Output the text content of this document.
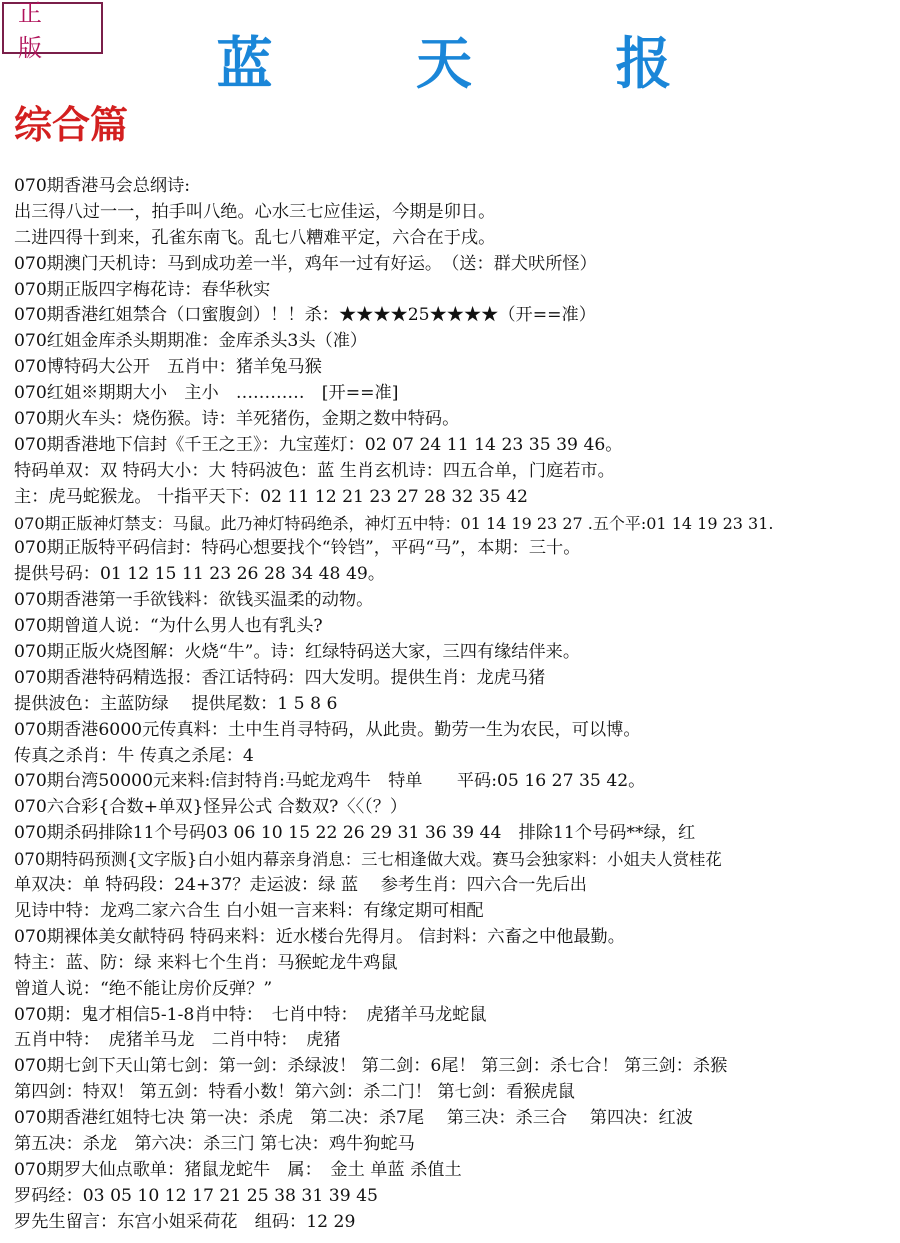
正 版	蓝 天 报
综合篇
070期香港马会总纲诗:
出三得八过一一，拍手叫八绝。心水三七应佳运，今期是卯日。
二进四得十到来，孔雀东南飞。乱七八糟难平定，六合在于戌。
070期澳门天机诗：马到成功差一半，鸡年一过有好运。　（送：群犬吠所怪）
070期正版四字梅花诗：春华秋实
070期香港红姐禁合（口蜜腹剑）！！杀：★★★★25★★★★（开==准）
070红姐金库杀头期期准：金库杀头3头（准）
070博特码大公开　五肖中：猪羊兔马猴
070红姐※期期大小　主小　…………　[开==准]
070期火车头：烧伤猴。诗：羊死猪伤，金期之数中特码。
070期香港地下信封《千王之王》：九宝莲灯：02 07 24 11 14 23 35 39 46。
特码单双：双 特码大小：大 特码波色：蓝 生肖玄机诗：四五合单，门庭若市。
主：虎马蛇猴龙。 十指平天下：02 11 12 21 23 27 28 32 35 42
070期正版神灯禁支：马鼠。此乃神灯特码绝杀，神灯五中特：01 14 19 23 27 .五个平:01 14 19 23 31.
070期正版特平码信封：特码心想要找个“铃铛”，平码“马”，本期：三十。
提供号码：01 12 15 11 23 26 28 34 48 49。
070期香港第一手欲钱料：欲钱买温柔的动物。
070期曾道人说：“为什么男人也有乳头?
070期正版火烧图解：火烧“牛”。诗：红绿特码送大家，三四有缘结伴来。
070期香港特码精选报：香江话特码：四大发明。提供生肖：龙虎马猪
提供波色：主蓝防绿　 提供尾数：1 5 8 6
070期香港6000元传真料：土中生肖寻特码，从此贵。勤劳一生为农民，可以博。
传真之杀肖：牛 传真之杀尾：4
070期台湾50000元来料:信封特肖:马蛇龙鸡牛　特单　　平码:05 16 27 35 42。
070六合彩{合数+单双}怪异公式 合数双?〈〈（？）
070期杀码排除11个号码03 06 10 15 22 26 29 31 36 39 44　排除11个号码**绿，红
070期特码预测{文字版}白小姐内幕亲身消息：三七相逢做大戏。赛马会独家料：小姐夫人赏桂花
单双决：单 特码段：24+37？走运波：绿 蓝　 参考生肖：四六合一先后出
见诗中特：龙鸡二家六合生 白小姐一言来料：有缘定期可相配
070期裸体美女献特码 特码来料：近水楼台先得月。 信封料：六畜之中他最勤。
特主：蓝、防：绿 来料七个生肖：马猴蛇龙牛鸡鼠
曾道人说：“绝不能让房价反弹？”
070期：鬼才相信5-1-8肖中特：　七肖中特：　虎猪羊马龙蛇鼠
五肖中特：　虎猪羊马龙　二肖中特：　虎猪
070期七剑下天山第七剑：第一剑：杀绿波！ 第二剑：6尾！ 第三剑：杀七合！ 第三剑：杀猴
第四剑：特双！ 第五剑：特看小数！第六剑：杀二门！ 第七剑：看猴虎鼠
070期香港红姐特七决 第一决：杀虎　第二决：杀7尾　 第三决：杀三合　 第四决：红波
第五决：杀龙　第六决：杀三门 第七决：鸡牛狗蛇马
070期罗大仙点歌单：猪鼠龙蛇牛　属：　金土 单蓝 杀值土
罗码经：03 05 10 12 17 21 25 38 31 39 45
罗先生留言：东宫小姐采荷花　组码：12 29
